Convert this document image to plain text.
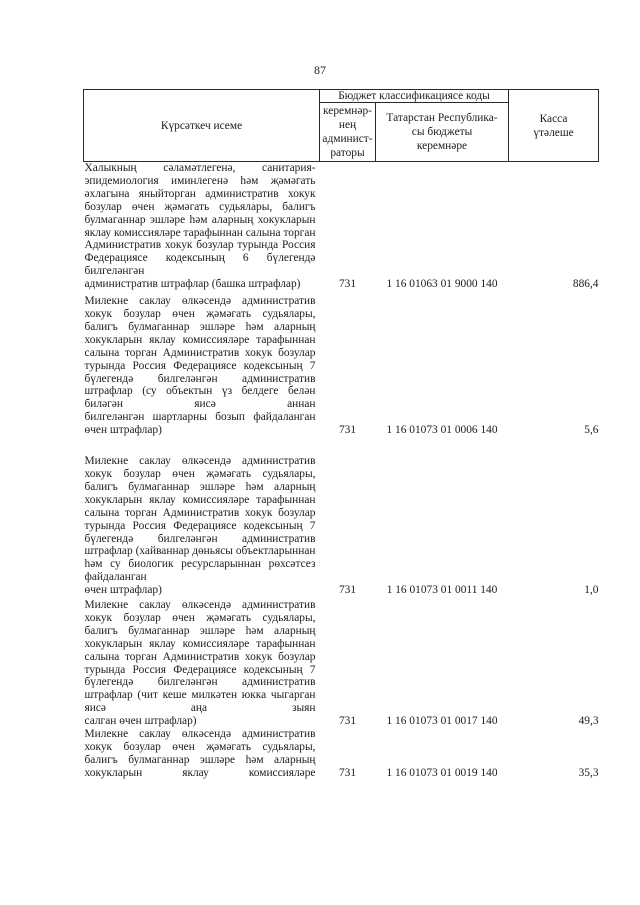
87
Күрсәткеч исеме	Бюджет классификациясе коды		Касса
үтәлеше
	керемнәр-
нең
админист-
раторы	Татарстан Республика-
сы бюджеты
керемнәре	
Халыкның сәламәтлегенә, санитария-эпидемиология иминлегенә һәм җәмәгать әхлагына яныйторган административ хокук бозулар өчен җәмәгать судьялары, балигъ булмаганнар эшләре һәм аларның хокукларын яклау комиссияләре тарафыннан салына торган Административ хокук бозулар турында Россия Федерациясе кодексының 6 бүлегендә билгеләнгән
административ штрафлар (башка штрафлар)	731	1 16 01063 01 9000 140	886,4
Милекне саклау өлкәсендә административ хокук бозулар өчен җәмәгать судьялары, балигъ булмаганнар эшләре һәм аларның хокукларын яклау комиссияләре тарафыннан салына торган Административ хокук бозулар турында Россия Федерациясе кодексының 7 бүлегендә билгеләнгән административ штрафлар (су объектын үз белдеге белән биләгән яисә аннан
билгеләнгән шартларны бозып файдаланган өчен штрафлар)	731	1 16 01073 01 0006 140	5,6
Милекне саклау өлкәсендә административ хокук бозулар өчен җәмәгать судьялары, балигъ булмаганнар эшләре һәм аларның хокукларын яклау комиссияләре тарафыннан салына торган Административ хокук бозулар турында Россия Федерациясе кодексының 7 бүлегендә билгеләнгән административ штрафлар (хайваннар дөньясы объектларыннан һәм су биологик ресурсларыннан рөхсәтсез файдаланган
өчен штрафлар)	731	1 16 01073 01 0011 140	1,0
Милекне саклау өлкәсендә административ хокук бозулар өчен җәмәгать судьялары, балигъ булмаганнар эшләре һәм аларның хокукларын яклау комиссияләре тарафыннан салына торган Административ хокук бозулар турында Россия Федерациясе кодексының 7 бүлегендә билгеләнгән административ штрафлар (чит кеше милкәтен юкка чыгарган яисә аңа зыян
салган өчен штрафлар)	731	1 16 01073 01 0017 140	49,3
Милекне саклау өлкәсендә административ хокук бозулар өчен җәмәгать судьялары, балигъ булмаганнар эшләре һәм аларның хокукларын яклау комиссияләре	731	1 16 01073 01 0019 140	35,3
